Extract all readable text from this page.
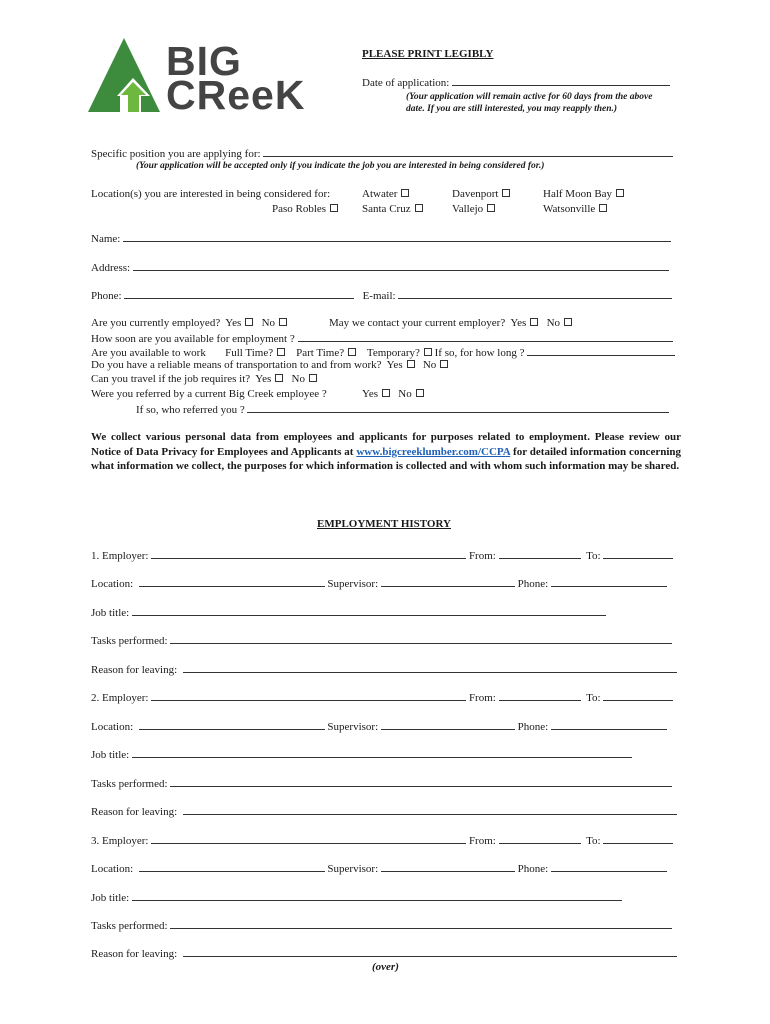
BIG
CReeK
PLEASE PRINT LEGIBLY
Date of application:
(Your application will remain active for 60 days from the above
date. If you are still interested, you may reapply then.)
Specific position you are applying for:
(Your application will be accepted only if you indicate the job you are interested in being considered for.)
Location(s) you are interested in being considered for:	Atwater	Davenport	Half Moon Bay
Paso Robles	Santa Cruz	Vallejo	Watsonville
Name:
Address:
Phone:	E-mail:
Are you currently employed? Yes No	May we contact your current employer? Yes No
How soon are you available for employment ?
Are you available to work Full Time? Part Time? Temporary? If so, for how long ?
Do you have a reliable means of transportation to and from work? Yes No
Can you travel if the job requires it? Yes No
Were you referred by a current Big Creek employee ?	Yes No
If so, who referred you ?
We collect various personal data from employees and applicants for purposes related to employment. Please review our Notice of Data Privacy for Employees and Applicants at www.bigcreeklumber.com/CCPA for detailed information concerning what information we collect, the purposes for which information is collected and with whom such information may be shared.
EMPLOYMENT HISTORY
(over)
1. Employer:	From:	To:
Location:	Supervisor:	Phone:
Job title:
Tasks performed:
Reason for leaving:
2. Employer:	From:	To:
Location:	Supervisor:	Phone:
Job title:
Tasks performed:
Reason for leaving:
3. Employer:	From:	To:
Location:	Supervisor:	Phone:
Job title:
Tasks performed:
Reason for leaving:
